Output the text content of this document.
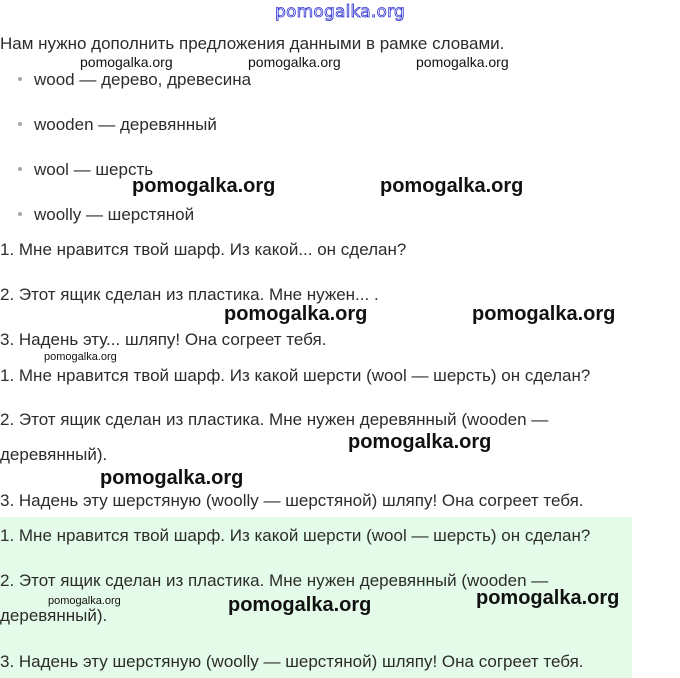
pomogalka.org
Нам нужно дополнить предложения данными в рамке словами.
wood — дерево, древесина
wooden — деревянный
wool — шерсть
woolly — шерстяной
1. Мне нравится твой шарф. Из какой... он сделан?
2. Этот ящик сделан из пластика. Мне нужен... .
3. Надень эту... шляпу! Она согреет тебя.
1. Мне нравится твой шарф. Из какой шерсти (wool — шерсть) он сделан?
2. Этот ящик сделан из пластика. Мне нужен деревянный (wooden —
деревянный).
3. Надень эту шерстяную (woolly — шерстяной) шляпу! Она согреет тебя.
1. Мне нравится твой шарф. Из какой шерсти (wool — шерсть) он сделан?
2. Этот ящик сделан из пластика. Мне нужен деревянный (wooden —
деревянный).
3. Надень эту шерстяную (woolly — шерстяной) шляпу! Она согреет тебя.
pomogalka.org	pomogalka.org	pomogalka.org
pomogalka.org	pomogalka.org
pomogalka.org	pomogalka.org
pomogalka.org
pomogalka.org
pomogalka.org
pomogalka.org	pomogalka.org	pomogalka.org
